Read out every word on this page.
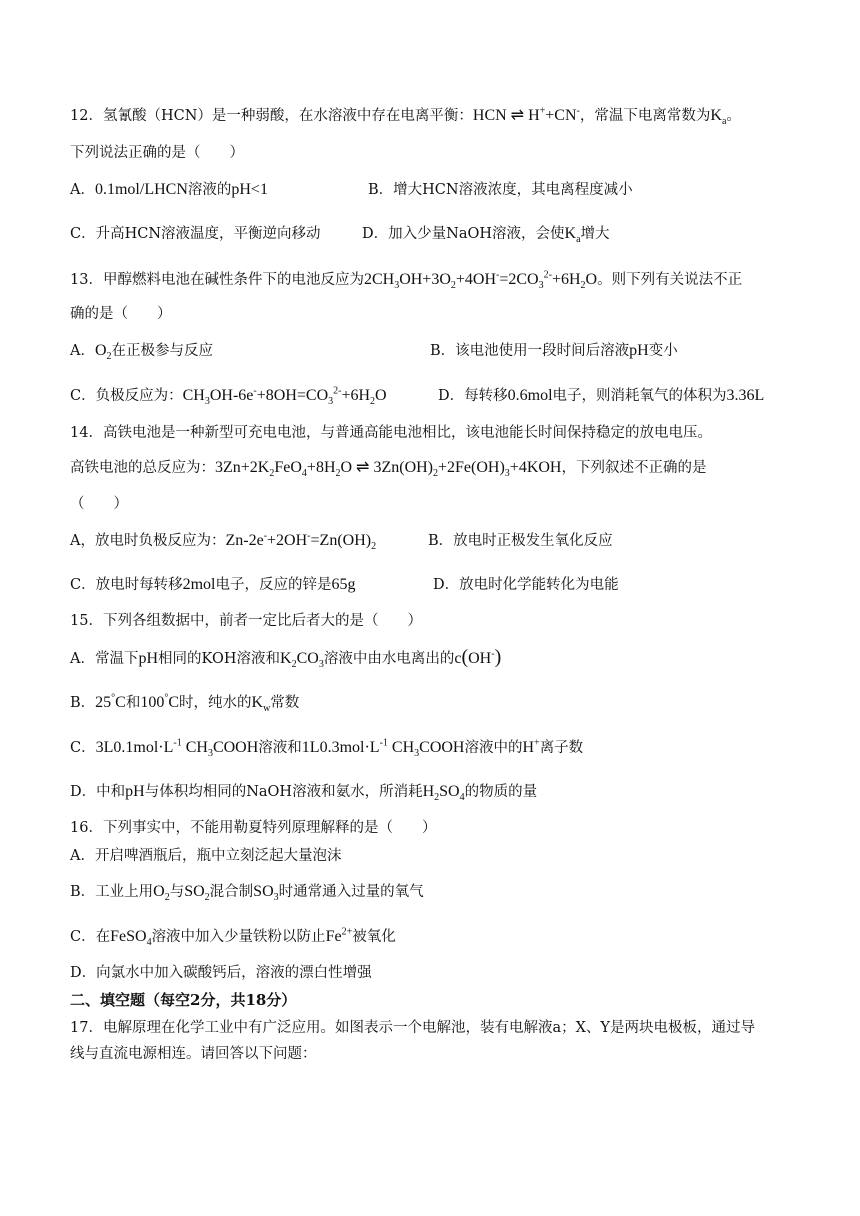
12．氢氰酸（HCN）是一种弱酸，在水溶液中存在电离平衡：HCN ⇌ H++CN-，常温下电离常数为$K_a$。
下列说法正确的是（　　）
A．0.1mol/LHCN溶液的pH<1	B．增大HCN溶液浓度，其电离程度减小
C．升高HCN溶液温度，平衡逆向移动	D．加入少量NaOH溶液，会使$K_a$增大
13．甲醇燃料电池在碱性条件下的电池反应为$2CH_3OH+3O_2+4OH^-=2CO_3^{2-}+6H_2O$。则下列有关说法不正
确的是（　　）
A．$O_2$在正极参与反应	B．该电池使用一段时间后溶液pH变小
C．负极反应为：$CH_3OH-6e^-+8OH=CO_3^{2-}+6H_2O$	D．每转移0.6mol电子，则消耗氧气的体积为3.36L
14．高铁电池是一种新型可充电电池，与普通高能电池相比，该电池能长时间保持稳定的放电电压。
高铁电池的总反应为：$3Zn+2K_2FeO_4+8H_2O$ ⇌ $3Zn(OH)_2+2Fe(OH)_3+4KOH$，下列叙述不正确的是
（　　）
A，放电时负极反应为：$Zn-2e^-+2OH^-=Zn(OH)_2$	B．放电时正极发生氧化反应
C．放电时每转移2mol电子，反应的锌是65g	D．放电时化学能转化为电能
15．下列各组数据中，前者一定比后者大的是（　　）
A．常温下pH相同的KOH溶液和$K_2CO_3$溶液中由水电离出的c(OH-)
B．25°C和100°C时，纯水的$K_w$常数
C．$3L0.1mol\cdot L^{-1}$ $CH_3COOH$溶液和$1L0.3mol\cdot L^{-1}$ $CH_3COOH$溶液中的H+离子数
D．中和pH与体积均相同的NaOH溶液和氨水，所消耗$H_2SO_4$的物质的量
16．下列事实中，不能用勒夏特列原理解释的是（　　）
A．开启啤酒瓶后，瓶中立刻泛起大量泡沫
B．工业上用$O_2$与$SO_2$混合制$SO_3$时通常通入过量的氧气
C．在FeSO$_4$溶液中加入少量铁粉以防止$Fe^{2+}$被氧化
D．向氯水中加入碳酸钙后，溶液的漂白性增强
二、填空题（每空2分，共18分）
17．电解原理在化学工业中有广泛应用。如图表示一个电解池，装有电解液a；X、Y是两块电极板，通过导
线与直流电源相连。请回答以下问题：
